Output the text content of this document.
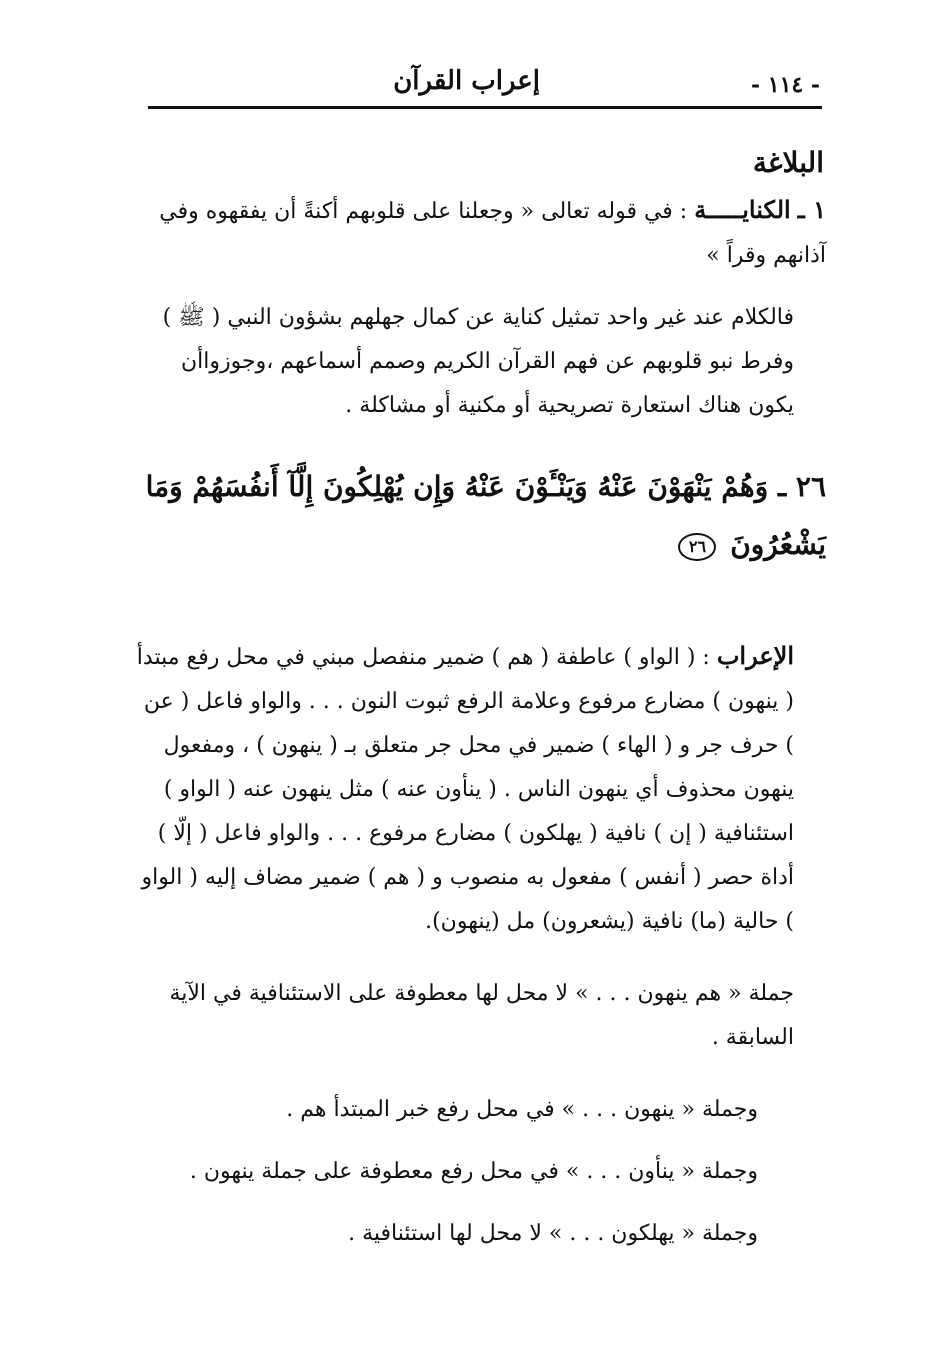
- ١١٤ -
إعراب القرآن
البلاغة

١ ـ الكنايـــــة : في قوله تعالى « وجعلنا على قلوبهم أكنةً أن يفقهوه وفي آذانهم وقراً »

فالكلام عند غير واحد تمثيل كناية عن كمال جهلهم بشؤون النبي ( ﷺ ) وفرط نبو قلوبهم عن فهم القرآن الكريم وصمم أسماعهم ،وجوزواأن يكون هناك استعارة تصريحية أو مكنية أو مشاكلة .

٢٦ ـ وَهُمْ يَنْهَوْنَ عَنْهُ وَيَنْـَٔوْنَ عَنْهُ وَإِن يُهْلِكُونَ إِلَّآ أَنفُسَهُمْ وَمَا يَشْعُرُونَ ٢٦

الإعراب : ( الواو ) عاطفة ( هم ) ضمير منفصل مبني في محل رفع مبتدأ ( ينهون ) مضارع مرفوع وعلامة الرفع ثبوت النون . . . والواو فاعل ( عن ) حرف جر و ( الهاء ) ضمير في محل جر متعلق بـ ( ينهون ) ، ومفعول ينهون محذوف أي ينهون الناس . ( ينأون عنه ) مثل ينهون عنه ( الواو ) استئنافية ( إن ) نافية ( يهلكون ) مضارع مرفوع . . . والواو فاعل ( إلّا ) أداة حصر ( أنفس ) مفعول به منصوب و ( هم ) ضمير مضاف إليه ( الواو ) حالية (ما) نافية (يشعرون) مل (ينهون).

جملة « هم ينهون . . . » لا محل لها معطوفة على الاستئنافية في الآية السابقة .

وجملة « ينهون . . . » في محل رفع خبر المبتدأ هم .

وجملة « ينأون . . . » في محل رفع معطوفة على جملة ينهون .

وجملة « يهلكون . . . » لا محل لها استئنافية .
